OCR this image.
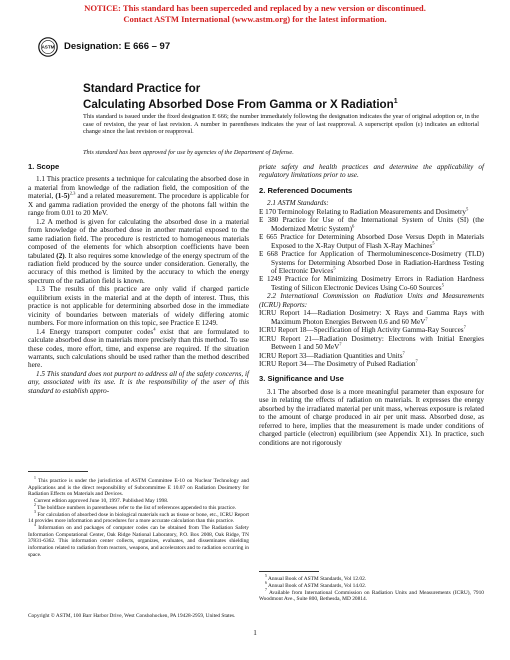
NOTICE: This standard has been superceded and replaced by a new version or discontinued.
Contact ASTM International (www.astm.org) for the latest information.
ASTM Designation: E 666 – 97
Standard Practice for
Calculating Absorbed Dose From Gamma or X Radiation$^1$
This standard is issued under the fixed designation E 666; the number immediately following the designation indicates the year of original adoption or, in the case of revision, the year of last revision. A number in parentheses indicates the year of last reapproval. A superscript epsilon (ε) indicates an editorial change since the last revision or reapproval.
This standard has been approved for use by agencies of the Department of Defense.
1. Scope

1.1 This practice presents a technique for calculating the absorbed dose in a material from knowledge of the radiation field, the composition of the material, $(1-5)^{2,3}$ and a related measurement. The procedure is applicable for X and gamma radiation provided the energy of the photons fall within the range from 0.01 to 20 MeV.

1.2 A method is given for calculating the absorbed dose in a material from knowledge of the absorbed dose in another material exposed to the same radiation field. The procedure is restricted to homogeneous materials composed of the elements for which absorption coefficients have been tabulated (2). It also requires some knowledge of the energy spectrum of the radiation field produced by the source under consideration. Generally, the accuracy of this method is limited by the accuracy to which the energy spectrum of the radiation field is known.

1.3 The results of this practice are only valid if charged particle equilibrium exists in the material and at the depth of interest. Thus, this practice is not applicable for determining absorbed dose in the immediate vicinity of boundaries between materials of widely differing atomic numbers. For more information on this topic, see Practice E 1249.

1.4 Energy transport computer codes$^4$ exist that are formulated to calculate absorbed dose in materials more precisely than this method. To use these codes, more effort, time, and expense are required. If the situation warrants, such calculations should be used rather than the method described here.

1.5 This standard does not purport to address all of the safety concerns, if any, associated with its use. It is the responsibility of the user of this standard to establish appro-

priate safety and health practices and determine the applicability of regulatory limitations prior to use.

2. Referenced Documents

2.1 ASTM Standards:

E 170 Terminology Relating to Radiation Measurements and Dosimetry$^5$

E 380 Practice for Use of the International System of Units (SI) (the Modernized Metric System)$^6$

E 665 Practice for Determining Absorbed Dose Versus Depth in Materials Exposed to the X-Ray Output of Flash X-Ray Machines$^5$

E 668 Practice for Application of Thermoluminescence-Dosimetry (TLD) Systems for Determining Absorbed Dose in Radiation-Hardness Testing of Electronic Devices$^5$

E 1249 Practice for Minimizing Dosimetry Errors in Radiation Hardness Testing of Silicon Electronic Devices Using Co-60 Sources$^5$

2.2 International Commission on Radiation Units and Measurements (ICRU) Reports:

ICRU Report 14—Radiation Dosimetry: X Rays and Gamma Rays with Maximum Photon Energies Between 0.6 and 60 MeV$^7$

ICRU Report 18—Specification of High Activity Gamma-Ray Sources$^7$

ICRU Report 21—Radiation Dosimetry: Electrons with Initial Energies Between 1 and 50 MeV$^7$

ICRU Report 33—Radiation Quantities and Units$^7$

ICRU Report 34—The Dosimetry of Pulsed Radiation$^7$

3. Significance and Use

3.1 The absorbed dose is a more meaningful parameter than exposure for use in relating the effects of radiation on materials. It expresses the energy absorbed by the irradiated material per unit mass, whereas exposure is related to the amount of charge produced in air per unit mass. Absorbed dose, as referred to here, implies that the measurement is made under conditions of charged particle (electron) equilibrium (see Appendix X1). In practice, such conditions are not rigorously

$^1$ This practice is under the jurisdiction of ASTM Committee E-10 on Nuclear Technology and Applications and is the direct responsibility of Subcommittee E 10.07 on Radiation Dosimetry for Radiation Effects on Materials and Devices.

Current edition approved June 10, 1997. Published May 1998.

$^2$ The boldface numbers in parentheses refer to the list of references appended to this practice.

$^3$ For calculation of absorbed dose in biological materials such as tissue or bone, etc., ICRU Report 14 provides more information and procedures for a more accurate calculation than this practice.

$^4$ Information on and packages of computer codes can be obtained from The Radiation Safety Information Computational Center, Oak Ridge National Laboratory, P.O. Box 2008, Oak Ridge, TN 37831-6362. This information center collects, organizes, evaluates, and disseminates shielding information related to radiation from reactors, weapons, and accelerators and to radiation occurring in space.

$^5$ Annual Book of ASTM Standards, Vol 12.02.

$^6$ Annual Book of ASTM Standards, Vol 14.02.

$^7$ Available from International Commission on Radiation Units and Measurements (ICRU), 7910 Woodmont Ave., Suite 800, Bethesda, MD 20814.

Copyright © ASTM, 100 Barr Harbor Drive, West Conshohocken, PA 19428-2959, United States.
1
